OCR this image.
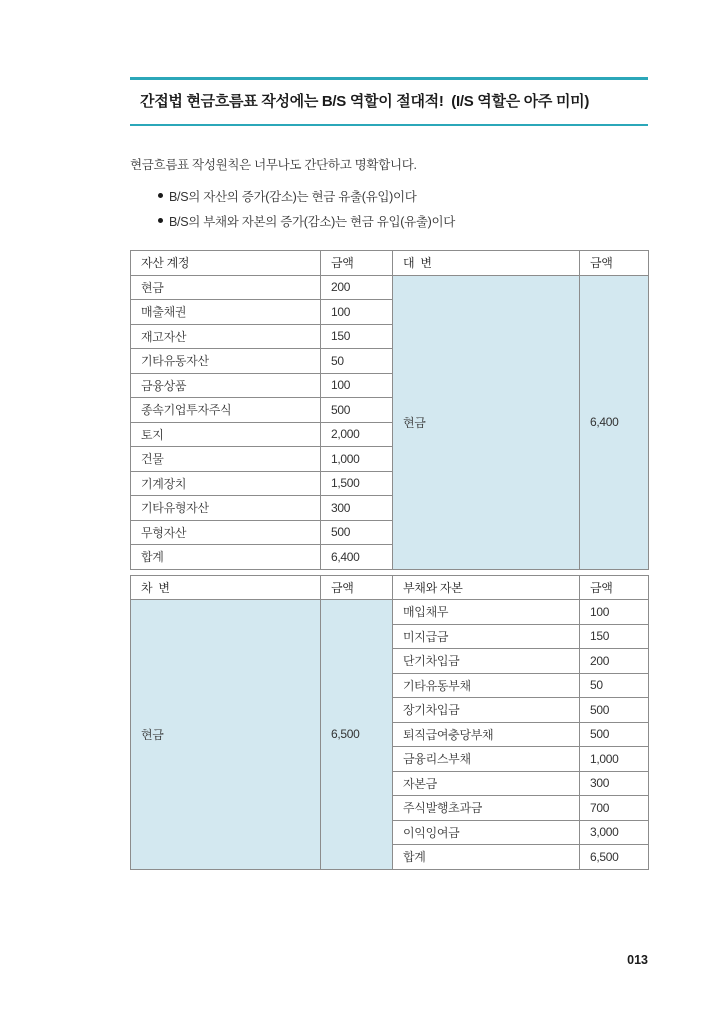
간접법 현금흐름표 작성에는 B/S 역할이 절대적!  (I/S 역할은 아주 미미)

현금흐름표 작성원칙은 너무나도 간단하고 명확합니다.

B/S의 자산의 증가(감소)는 현금 유출(유입)이다
B/S의 부채와 자본의 증가(감소)는 현금 유입(유출)이다
자산 계정	금액	대  변	금액
현금	200	현금	6,400
매출채권	100		
재고자산	150		
기타유동자산	50		
금융상품	100		
종속기업투자주식	500		
토지	2,000		
건물	1,000		
기계장치	1,500		
기타유형자산	300		
무형자산	500		
합계	6,400		
차  변	금액	부채와 자본	금액
현금	6,500	매입채무	100
		미지급금	150
		단기차입금	200
		기타유동부채	50
		장기차입금	500
		퇴직급여충당부채	500
		금융리스부채	1,000
		자본금	300
		주식발행초과금	700
		이익잉여금	3,000
		합계	6,500
013
